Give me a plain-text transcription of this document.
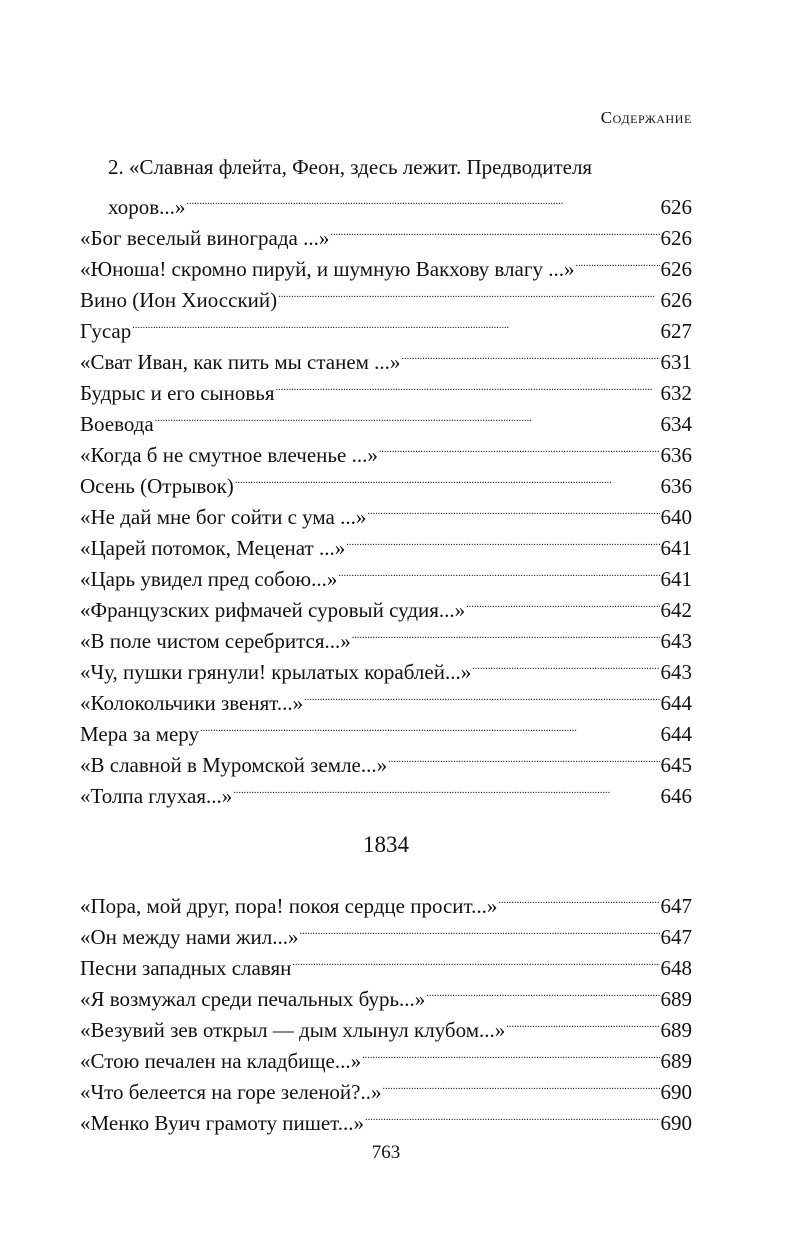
Содержание
2. «Славная флейта, Феон, здесь лежит. Предводителя
хоров...» . . .	626
«Бог веселый винограда ...» . . .	626
«Юноша! скромно пируй, и шумную Вакхову влагу ...» . . .	626
Вино (Ион Хиосский) . . .	626
Гусар . . .	627
«Сват Иван, как пить мы станем ...» . . .	631
Будрыс и его сыновья . . .	632
Воевода . . .	634
«Когда б не смутное влеченье ...» . . .	636
Осень (Отрывок) . . .	636
«Не дай мне бог сойти с ума ...» . . .	640
«Царей потомок, Меценат ...» . . .	641
«Царь увидел пред собою...» . . .	641
«Французских рифмачей суровый судия...» . . .	642
«В поле чистом серебрится...» . . .	643
«Чу, пушки грянули! крылатых кораблей...» . . .	643
«Колокольчики звенят...» . . .	644
Мера за меру . . .	644
«В славной в Муромской земле...» . . .	645
«Толпа глухая...» . . .	646
1834
«Пора, мой друг, пора! покоя сердце просит...» . . .	647
«Он между нами жил...» . . .	647
Песни западных славян . . .	648
«Я возмужал среди печальных бурь...» . . .	689
«Везувий зев открыл — дым хлынул клубом...» . . .	689
«Стою печален на кладбище...» . . .	689
«Что белеется на горе зеленой?..» . . .	690
«Менко Вуич грамоту пишет...» . . .	690
763
